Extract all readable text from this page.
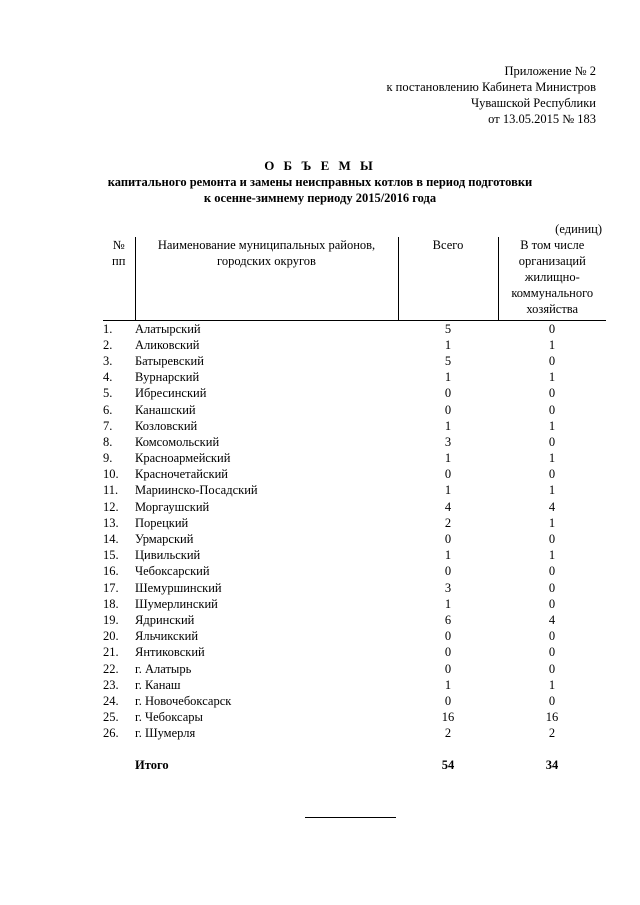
Приложение № 2
к постановлению Кабинета Министров
Чувашской Республики
от 13.05.2015 № 183
О Б Ъ Е М Ы
капитального ремонта и замены неисправных котлов в период подготовки
к осенне-зимнему периоду 2015/2016 года
(единиц)
№ пп	Наименование муниципальных районов, городских округов	Всего	В том числе организаций жилищно-коммунального хозяйства
1.	Алатырский	5	0
2.	Аликовский	1	1
3.	Батыревский	5	0
4.	Вурнарский	1	1
5.	Ибресинский	0	0
6.	Канашский	0	0
7.	Козловский	1	1
8.	Комсомольский	3	0
9.	Красноармейский	1	1
10.	Красночетайский	0	0
11.	Мариинско-Посадский	1	1
12.	Моргаушский	4	4
13.	Порецкий	2	1
14.	Урмарский	0	0
15.	Цивильский	1	1
16.	Чебоксарский	0	0
17.	Шемуршинский	3	0
18.	Шумерлинский	1	0
19.	Ядринский	6	4
20.	Яльчикский	0	0
21.	Янтиковский	0	0
22.	г. Алатырь	0	0
23.	г. Канаш	1	1
24.	г. Новочебоксарск	0	0
25.	г. Чебоксары	16	16
26.	г. Шумерля	2	2

	Итого	54	34
